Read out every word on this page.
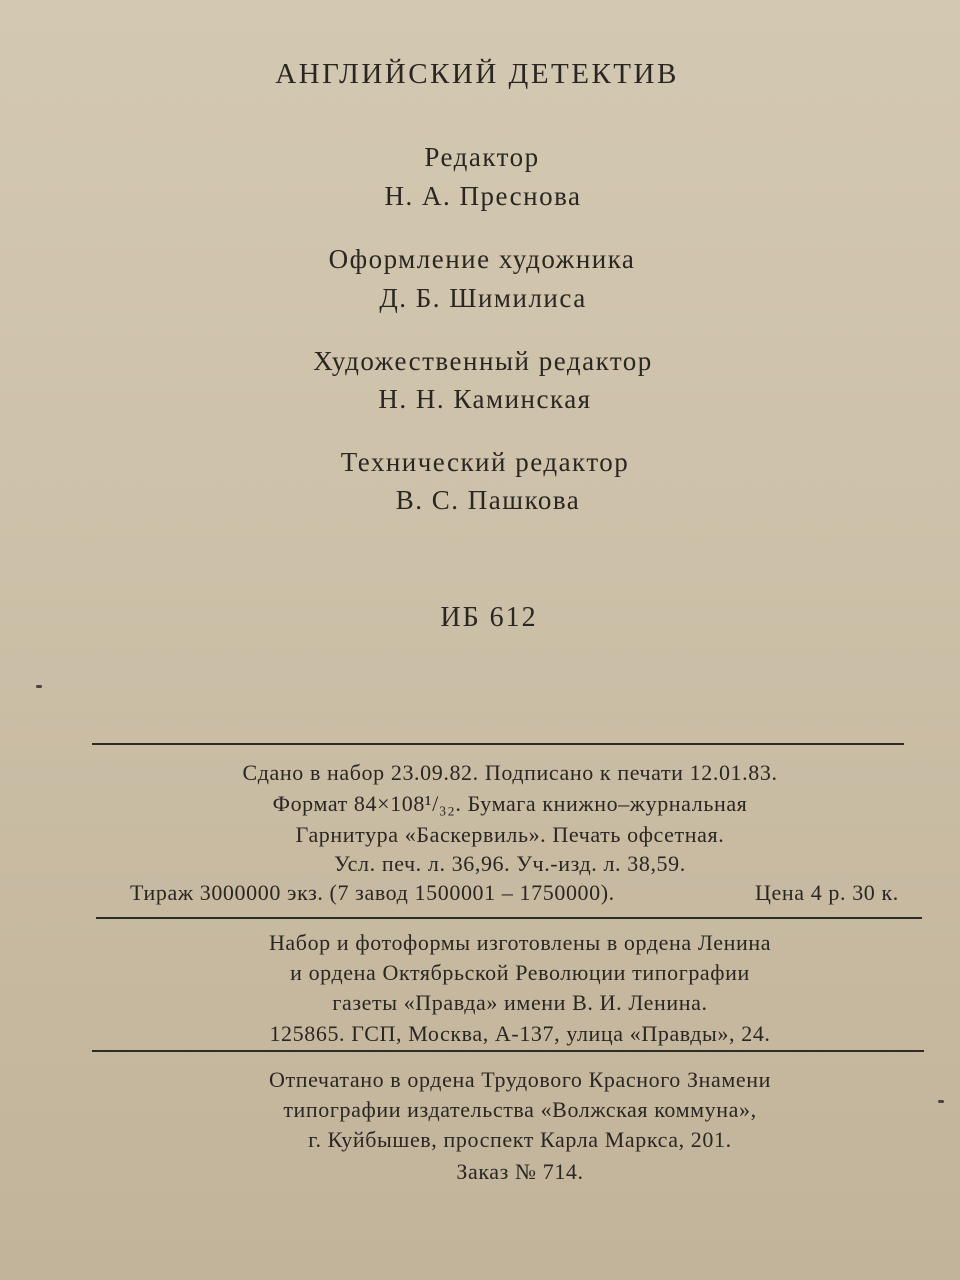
АНГЛИЙСКИЙ ДЕТЕКТИВ
Редактор
Н. А. Преснова
Оформление художника
Д. Б. Шимилиса
Художественный редактор
Н. Н. Каминская
Технический редактор
В. С. Пашкова
ИБ 612
Сдано в набор 23.09.82. Подписано к печати 12.01.83.
Формат 84×108¹/₃₂. Бумага книжно–журнальная
Гарнитура «Баскервиль». Печать офсетная.
Усл. печ. л. 36,96. Уч.-изд. л. 38,59.
Тираж 3000000 экз. (7 завод 1500001 – 1750000).	Цена 4 р. 30 к.
Набор и фотоформы изготовлены в ордена Ленина
и ордена Октябрьской Революции типографии
газеты «Правда» имени В. И. Ленина.
125865. ГСП, Москва, А-137, улица «Правды», 24.
Отпечатано в ордена Трудового Красного Знамени
типографии издательства «Волжская коммуна»,
г. Куйбышев, проспект Карла Маркса, 201.
Заказ № 714.
